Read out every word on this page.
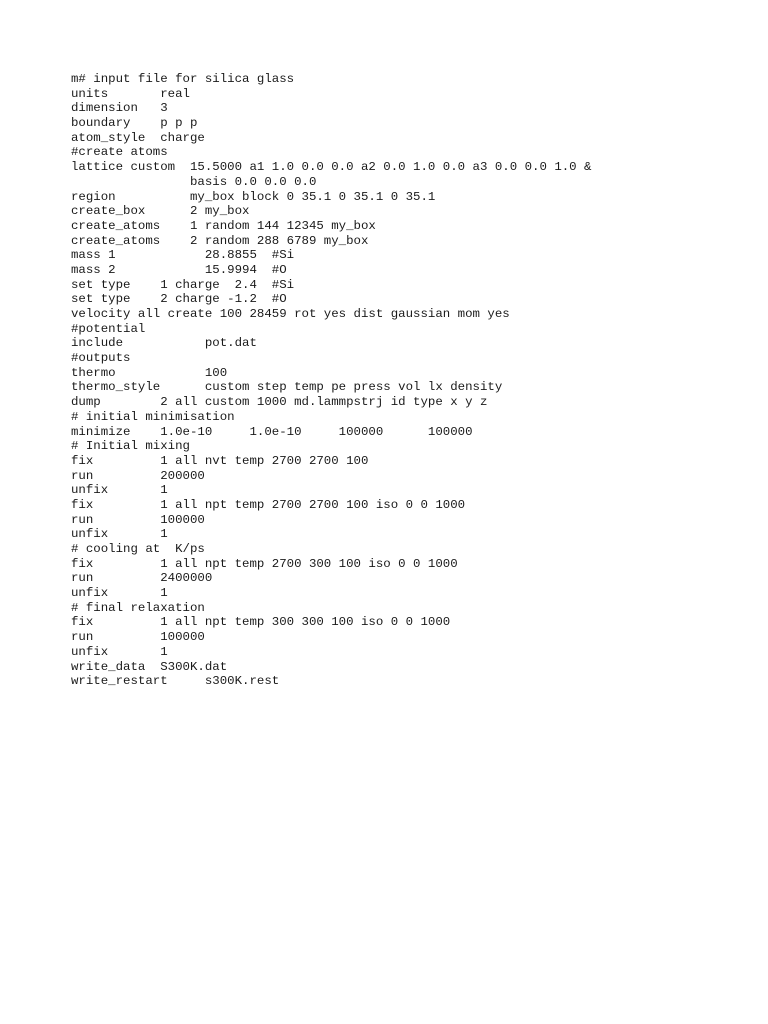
m# input file for silica glass
units       real
dimension   3
boundary    p p p
atom_style  charge
#create atoms
lattice custom  15.5000 a1 1.0 0.0 0.0 a2 0.0 1.0 0.0 a3 0.0 0.0 1.0 &
basis 0.0 0.0 0.0
region          my_box block 0 35.1 0 35.1 0 35.1
create_box      2 my_box
create_atoms    1 random 144 12345 my_box
create_atoms    2 random 288 6789 my_box
mass 1            28.8855  #Si
mass 2            15.9994  #O
set type    1 charge  2.4  #Si
set type    2 charge -1.2  #O
velocity all create 100 28459 rot yes dist gaussian mom yes
#potential
include           pot.dat
#outputs
thermo            100
thermo_style      custom step temp pe press vol lx density
dump        2 all custom 1000 md.lammpstrj id type x y z
# initial minimisation
minimize    1.0e-10     1.0e-10     100000      100000
# Initial mixing
fix         1 all nvt temp 2700 2700 100
run         200000
unfix       1
fix         1 all npt temp 2700 2700 100 iso 0 0 1000
run         100000
unfix       1
# cooling at  K/ps
fix         1 all npt temp 2700 300 100 iso 0 0 1000
run         2400000
unfix       1
# final relaxation
fix         1 all npt temp 300 300 100 iso 0 0 1000
run         100000
unfix       1
write_data  S300K.dat
write_restart     s300K.rest
